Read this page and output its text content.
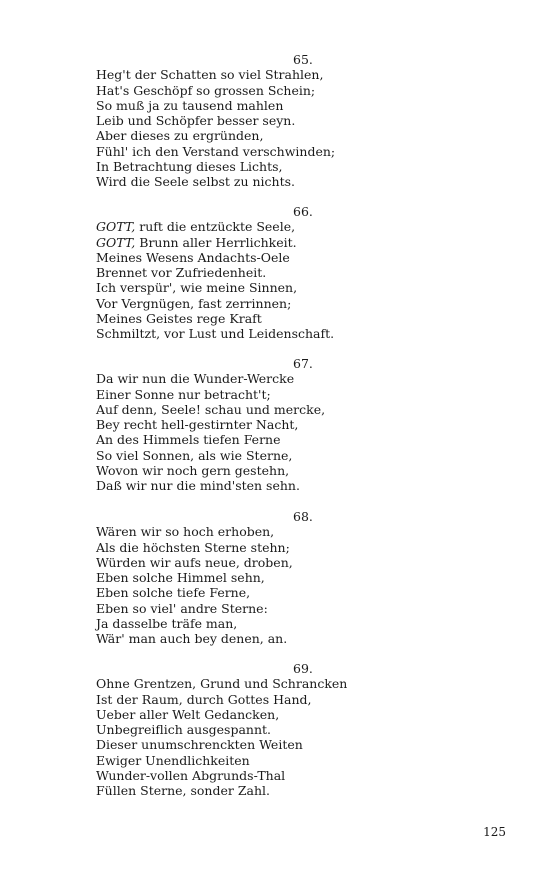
65.
Heg't der Schatten so viel Strahlen,
Hat's Geschöpf so grossen Schein;
So muß ja zu tausend mahlen
Leib und Schöpfer besser seyn.
Aber dieses zu ergründen,
Fühl' ich den Verstand verschwinden;
In Betrachtung dieses Lichts,
Wird die Seele selbst zu nichts.
66.
GOTT, ruft die entzückte Seele,
GOTT, Brunn aller Herrlichkeit.
Meines Wesens Andachts-Oele
Brennet vor Zufriedenheit.
Ich verspür', wie meine Sinnen,
Vor Vergnügen, fast zerrinnen;
Meines Geistes rege Kraft
Schmiltzt, vor Lust und Leidenschaft.
67.
Da wir nun die Wunder-Wercke
Einer Sonne nur betracht't;
Auf denn, Seele! schau und mercke,
Bey recht hell-gestirnter Nacht,
An des Himmels tiefen Ferne
So viel Sonnen, als wie Sterne,
Wovon wir noch gern gestehn,
Daß wir nur die mind'sten sehn.
68.
Wären wir so hoch erhoben,
Als die höchsten Sterne stehn;
Würden wir aufs neue, droben,
Eben solche Himmel sehn,
Eben solche tiefe Ferne,
Eben so viel' andre Sterne:
Ja dasselbe träfe man,
Wär' man auch bey denen, an.
69.
Ohne Grentzen, Grund und Schrancken
Ist der Raum, durch Gottes Hand,
Ueber aller Welt Gedancken,
Unbegreiflich ausgespannt.
Dieser unumschrenckten Weiten
Ewiger Unendlichkeiten
Wunder-vollen Abgrunds-Thal
Füllen Sterne, sonder Zahl.
125
